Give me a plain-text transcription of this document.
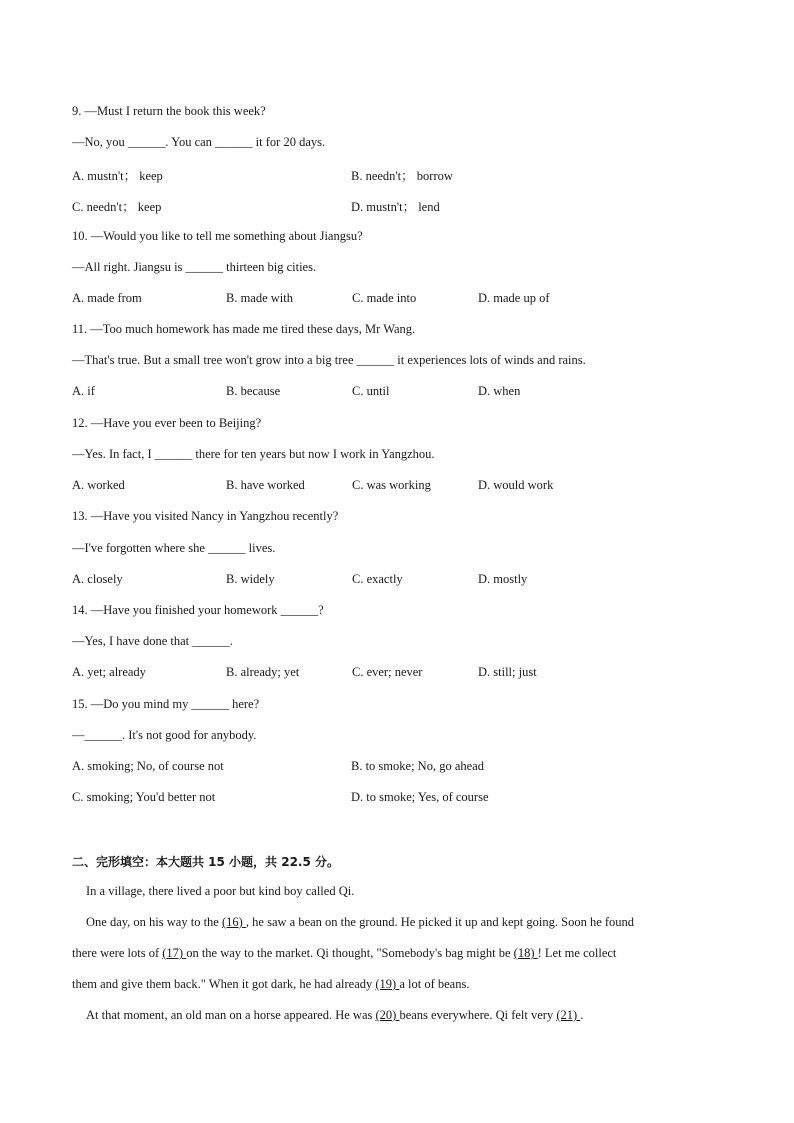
9. —Must I return the book this week?
—No, you ______. You can ______ it for 20 days.
A. mustn't； keep	B. needn't； borrow
C. needn't； keep	D. mustn't； lend
10. —Would you like to tell me something about Jiangsu?
—All right. Jiangsu is ______ thirteen big cities.
A. made from	B. made with	C. made into	D. made up of
11. —Too much homework has made me tired these days, Mr Wang.
—That's true. But a small tree won't grow into a big tree ______ it experiences lots of winds and rains.
A. if	B. because	C. until	D. when
12. —Have you ever been to Beijing?
—Yes. In fact, I ______ there for ten years but now I work in Yangzhou.
A. worked	B. have worked	C. was working	D. would work
13. —Have you visited Nancy in Yangzhou recently?
—I've forgotten where she ______ lives.
A. closely	B. widely	C. exactly	D. mostly
14. —Have you finished your homework ______?
—Yes, I have done that ______.
A. yet; already	B. already; yet	C. ever; never	D. still; just
15. —Do you mind my ______ here?
—______. It's not good for anybody.
A. smoking; No, of course not	B. to smoke; No, go ahead
C. smoking; You'd better not	D. to smoke; Yes, of course
二、完形填空：本大题共 15 小题，共 22.5 分。
In a village, there lived a poor but kind boy called Qi.
One day, on his way to the (16) , he saw a bean on the ground. He picked it up and kept going. Soon he found
there were lots of (17) on the way to the market. Qi thought, "Somebody's bag might be (18) ! Let me collect
them and give them back." When it got dark, he had already (19) a lot of beans.
At that moment, an old man on a horse appeared. He was (20) beans everywhere. Qi felt very (21) .
